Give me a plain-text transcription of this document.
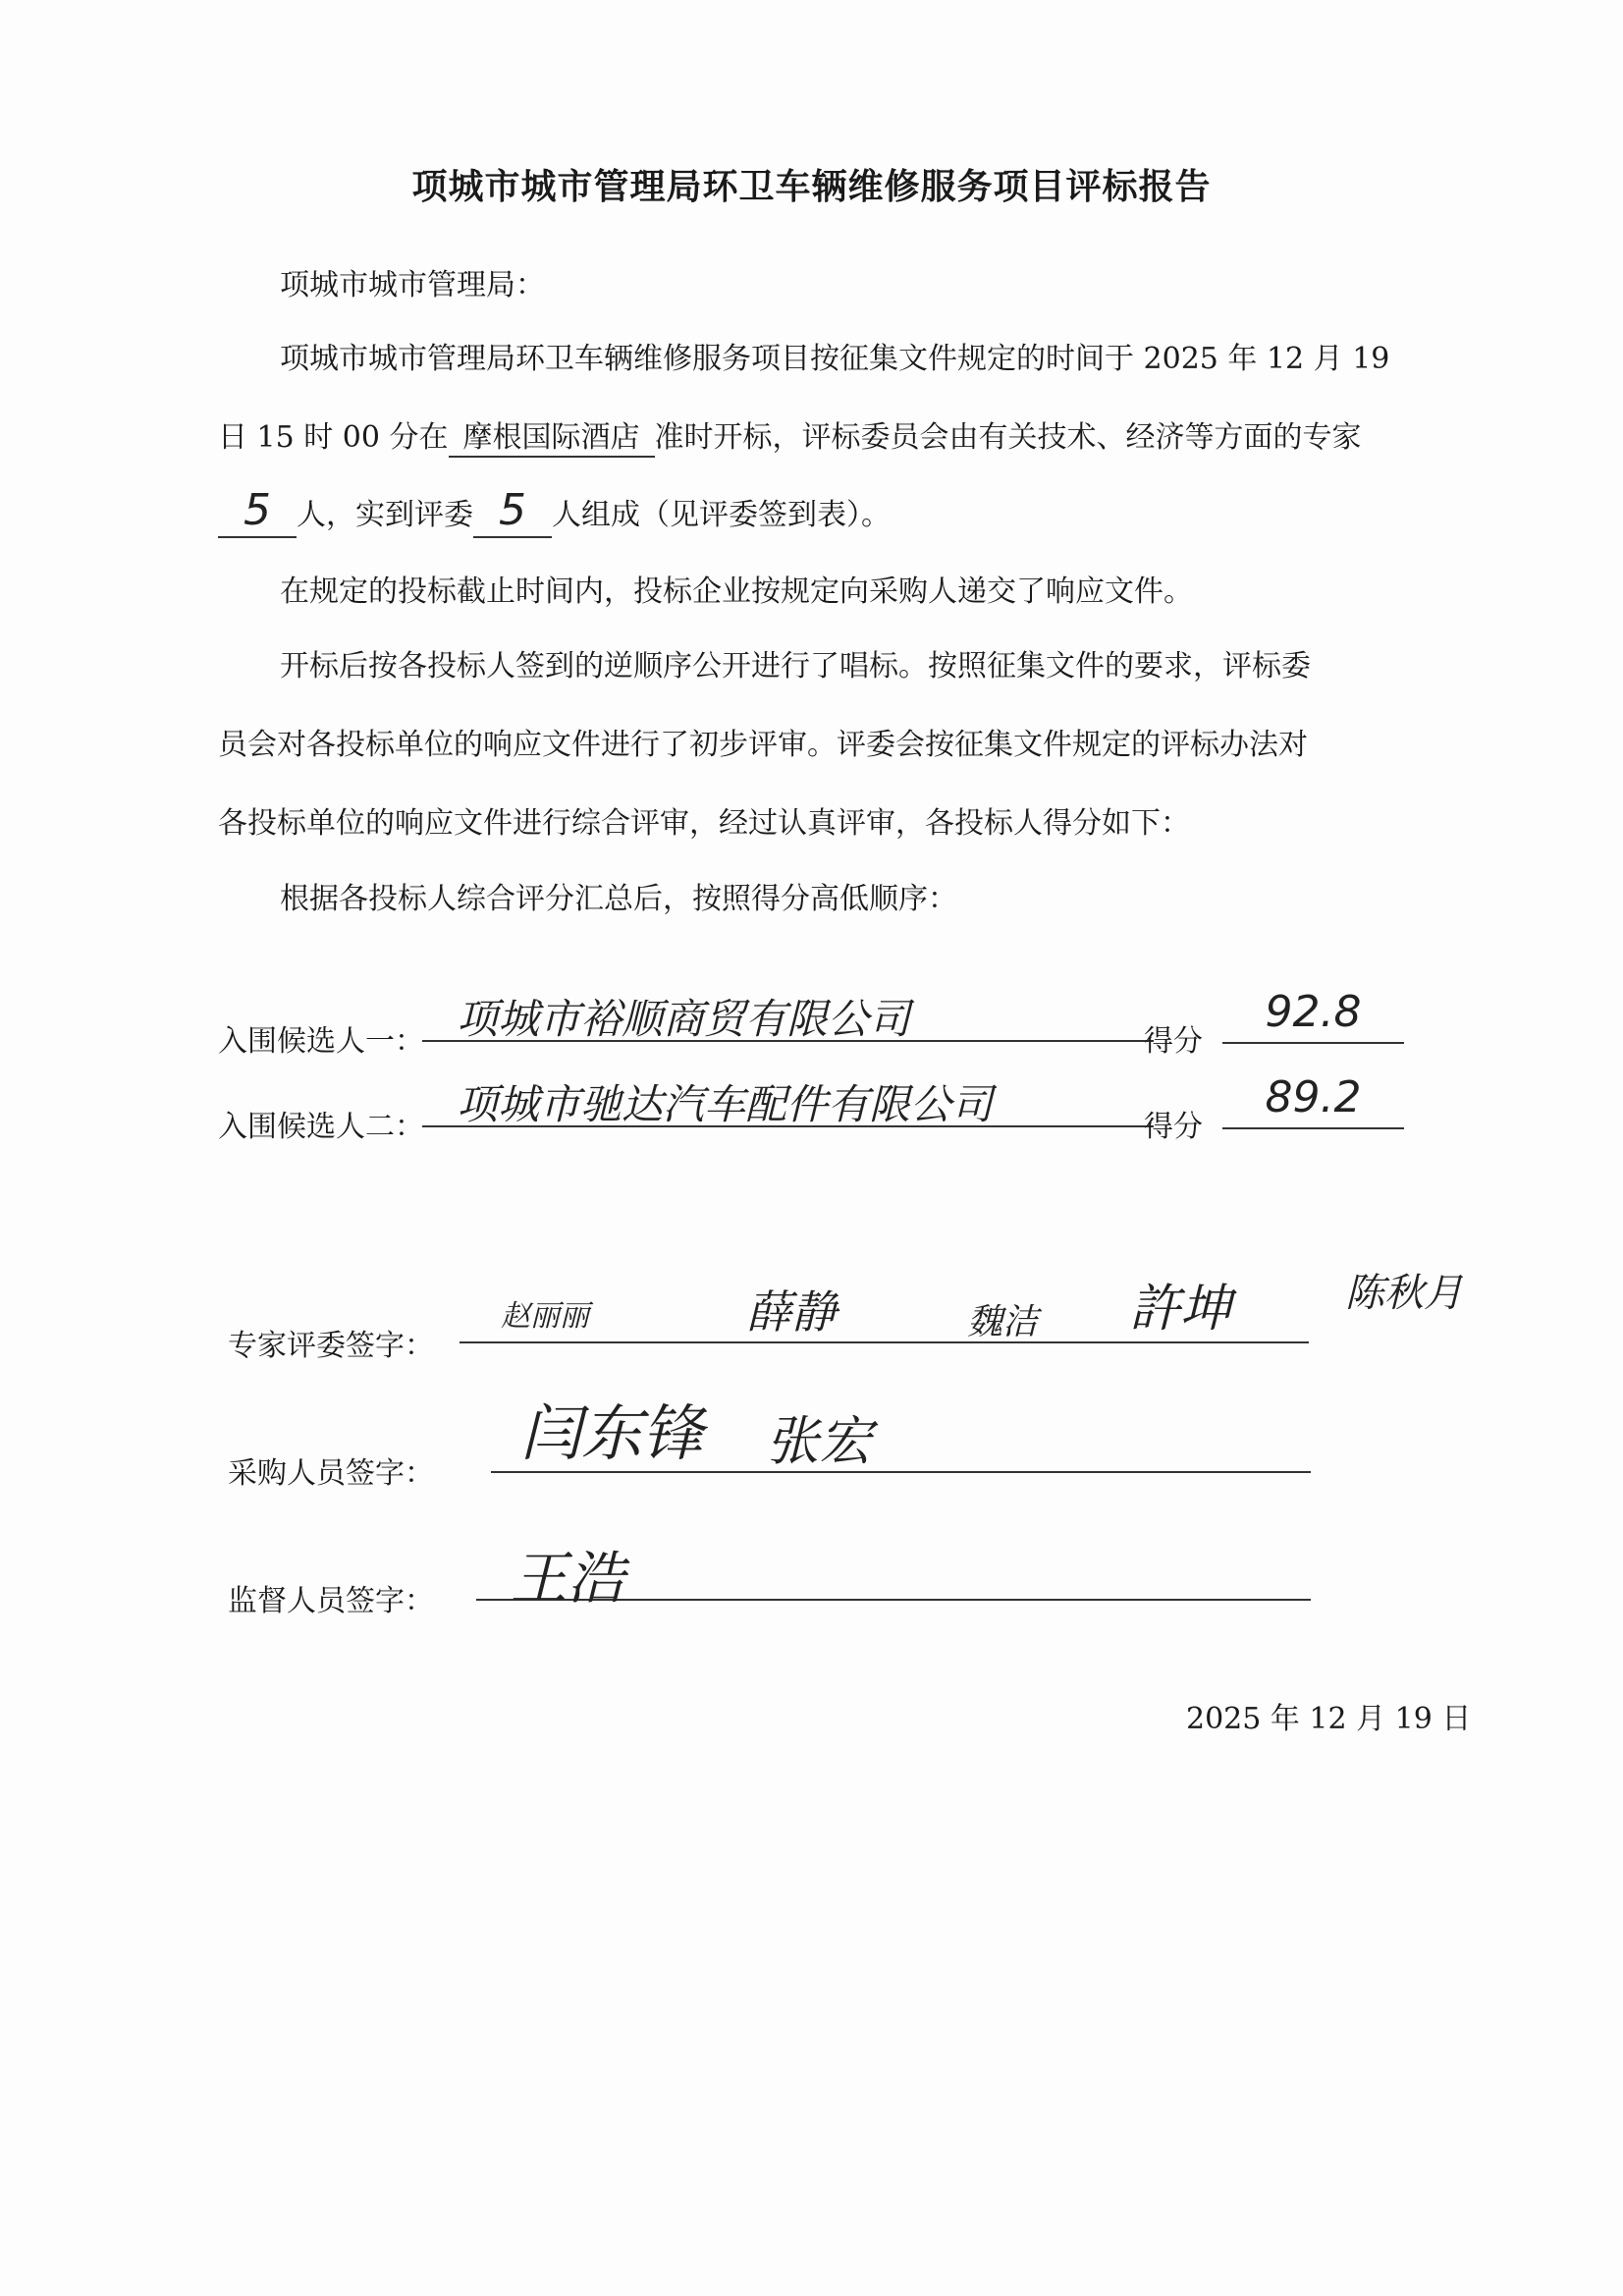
项城市城市管理局环卫车辆维修服务项目评标报告
项城市城市管理局：
项城市城市管理局环卫车辆维修服务项目按征集文件规定的时间于 2025 年 12 月 19
日 15 时 00 分在 摩根国际酒店 准时开标，评标委员会由有关技术、经济等方面的专家
5 人，实到评委 5 人组成（见评委签到表）。
在规定的投标截止时间内，投标企业按规定向采购人递交了响应文件。
开标后按各投标人签到的逆顺序公开进行了唱标。按照征集文件的要求，评标委
员会对各投标单位的响应文件进行了初步评审。评委会按征集文件规定的评标办法对
各投标单位的响应文件进行综合评审，经过认真评审，各投标人得分如下：
根据各投标人综合评分汇总后，按照得分高低顺序：
入围候选人一： 项城市裕顺商贸有限公司	得分
92.8
入围候选人二： 项城市驰达汽车配件有限公司	得分
89.2
专家评委签字：
赵丽丽	薛静	魏洁 許坤	陈秋月
采购人员签字：
闫东锋 张宏
监督人员签字： 王浩
2025 年 12 月 19 日
